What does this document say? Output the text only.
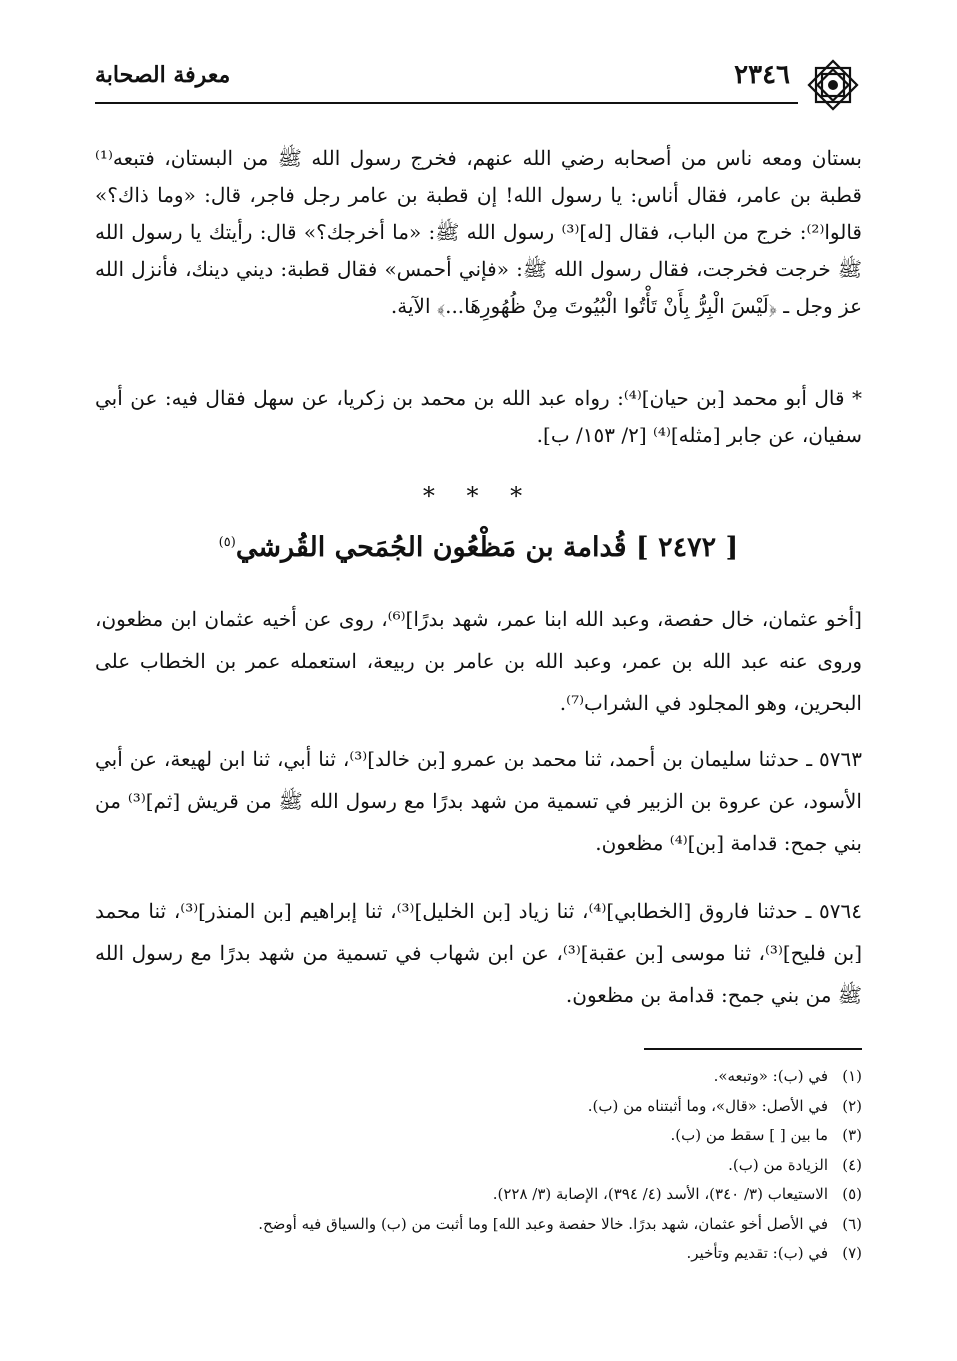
٢٣٤٦
معرفة الصحابة

بستان ومعه ناس من أصحابه رضي الله عنهم، فخرج رسول الله ﷺ من البستان، فتبعه⁽¹⁾ قطبة بن عامر، فقال أناس: يا رسول الله! إن قطبة بن عامر رجل فاجر، قال: «وما ذاك؟» قالوا⁽²⁾: خرج من الباب، فقال [له]⁽³⁾ رسول الله ﷺ: «ما أخرجك؟» قال: رأيتك يا رسول الله ﷺ خرجت فخرجت، فقال رسول الله ﷺ: «فإني أحمس» فقال قطبة: ديني دينك، فأنزل الله عز وجل ـ ﴿لَيْسَ الْبِرُّ بِأَنْ تَأْتُوا الْبُيُوتَ مِنْ ظُهُورِهَا...﴾ الآية.

* قال أبو محمد [بن حيان]⁽⁴⁾: رواه عبد الله بن محمد بن زكريا، عن سهل فقال فيه: عن أبي سفيان، عن جابر [مثله]⁽⁴⁾ [٢/ ١٥٣/ ب].

* * *
[ ٢٤٧٢ ] قُدامة بن مَظْعُون الجُمَحي القُرشي$^{(٥)}$

[أخو عثمان، خال حفصة، وعبد الله ابنا عمر، شهد بدرًا]⁽⁶⁾، روى عن أخيه عثمان ابن مظعون، وروى عنه عبد الله بن عمر، وعبد الله بن عامر بن ربيعة، استعمله عمر بن الخطاب على البحرين، وهو المجلود في الشراب⁽⁷⁾.

٥٧٦٣ ـ حدثنا سليمان بن أحمد، ثنا محمد بن عمرو [بن خالد]⁽³⁾، ثنا أبي، ثنا ابن لهيعة، عن أبي الأسود، عن عروة بن الزبير في تسمية من شهد بدرًا مع رسول الله ﷺ من قريش [ثم]⁽³⁾ من بني جمح: قدامة [بن]⁽⁴⁾ مظعون.

٥٧٦٤ ـ حدثنا فاروق [الخطابي]⁽⁴⁾، ثنا زياد [بن الخليل]⁽³⁾، ثنا إبراهيم [بن المنذر]⁽³⁾، ثنا محمد [بن فليح]⁽³⁾، ثنا موسى [بن عقبة]⁽³⁾، عن ابن شهاب في تسمية من شهد بدرًا مع رسول الله ﷺ من بني جمح: قدامة بن مظعون.

(١)
في (ب): «وتبعه».
(٢)
في الأصل: «قال»، وما أثبتناه من (ب).
(٣)
ما بين [ ] سقط من (ب).
(٤)
الزيادة من (ب).
(٥)
الاستيعاب (٣/ ٣٤٠)، الأسد (٤/ ٣٩٤)، الإصابة (٣/ ٢٢٨).
(٦)
في الأصل أخو عثمان، شهد بدرًا. خالا حفصة وعبد الله] وما أثبت من (ب) والسياق فيه أوضح.
(٧)
في (ب): تقديم وتأخير.
